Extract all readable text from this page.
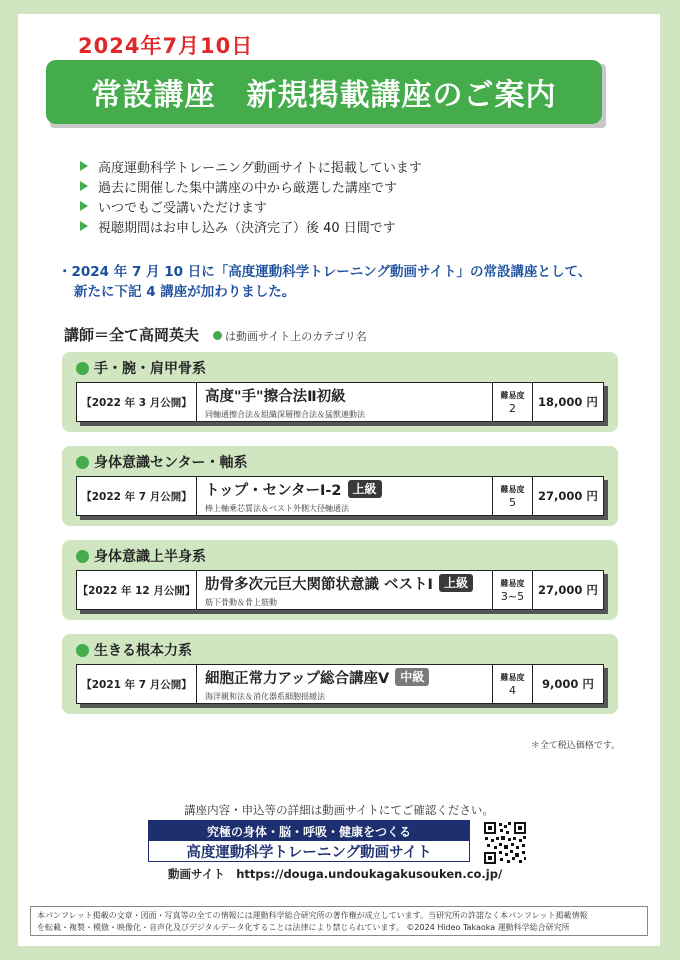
2024年7月10日
常設講座　新規掲載講座のご案内
高度運動科学トレーニング動画サイトに掲載しています
過去に開催した集中講座の中から厳選した講座です
いつでもご受講いただけます
視聴期間はお申し込み（決済完了）後 40 日間です
・2024 年 7 月 10 日に「高度運動科学トレーニング動画サイト」の常設講座として、
新たに下記 4 講座が加わりました。
講師＝全て高岡英夫 は動画サイト上のカテゴリ名
手・腕・肩甲骨系
【2022 年 3 月公開】 高度"手"擦合法Ⅱ初級
同軸通擦合法＆組織深層擦合法＆猛獣連動法
難易度
2	18,000 円
身体意識センター・軸系
【2022 年 7 月公開】 トップ・センターⅠ-2 上級
棒上軸乗芯質法＆ベスト外側大径軸通法
難易度
5	27,000 円
身体意識上半身系
【2022 年 12 月公開】 肋骨多次元巨大関節状意識 ベストⅠ 上級
筋下骨動＆骨上筋動
難易度
3~5	27,000 円
生きる根本力系
【2021 年 7 月公開】 細胞正常力アップ総合講座Ⅴ 中級
海洋親和法＆消化器系細胞揺緩法
難易度
4	9,000 円
＊全て税込価格です。
講座内容・申込等の詳細は動画サイトにてご確認ください。
究極の身体・脳・呼吸・健康をつくる
高度運動科学トレーニング動画サイト
動画サイト　https://douga.undoukagakusouken.co.jp/
本パンフレット掲載の文章・図面・写真等の全ての情報には運動科学総合研究所の著作権が成立しています。当研究所の許諾なく本パンフレット掲載情報
を転載・複製・模倣・映像化・音声化及びデジタルデータ化することは法律により禁じられています。 ©2024 Hideo Takaoka 運動科学総合研究所
